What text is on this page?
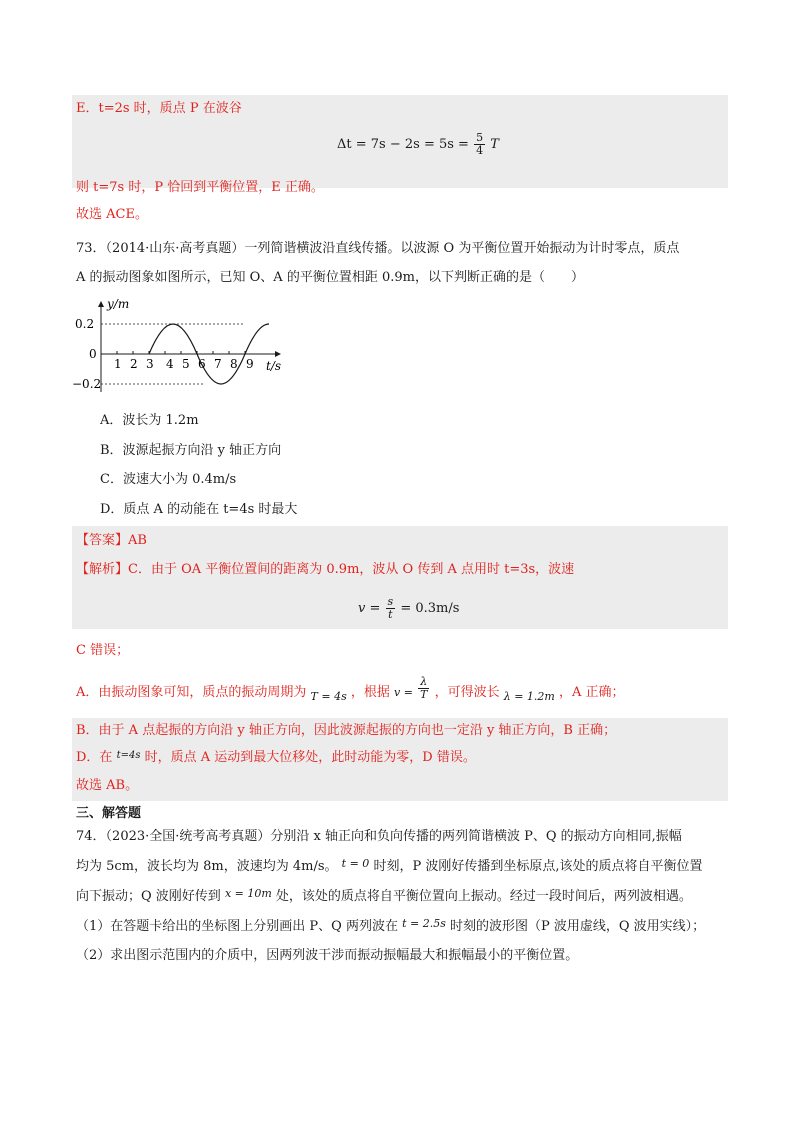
E．t=2s 时，质点 P 在波谷
$\Delta t = 7s - 2s = 5s = \frac{5}{4}$ T
则 t=7s 时，P 恰回到平衡位置，E 正确。
故选 ACE。
73．（2014·山东·高考真题）一列简谐横波沿直线传播。以波源 O 为平衡位置开始振动为计时零点，质点
A 的振动图象如图所示，已知 O、A 的平衡位置相距 0.9m，以下判断正确的是（　　）
y/m
0.2
0
−0.2
1 2 3 4 5 6 7 8 9 t/s
A．波长为 1.2m
B．波源起振方向沿 y 轴正方向
C．波速大小为 0.4m/s
D．质点 A 的动能在 t=4s 时最大
【答案】AB
【解析】C．由于 OA 平衡位置间的距离为 0.9m，波从 O 传到 A 点用时 t=3s，波速
$v = \frac{s}{t} = 0.3m/s$
C 错误；
A．由振动图象可知，质点的振动周期为 $_{T = 4s}$ ，根据 $v = \frac{\lambda}{T}$ ，可得波长 $_{\lambda = 1.2m}$ ，A 正确；
B．由于 A 点起振的方向沿 y 轴正方向，因此波源起振的方向也一定沿 y 轴正方向，B 正确；
D．在 $^{t=4s}$ 时，质点 A 运动到最大位移处，此时动能为零，D 错误。
故选 AB。
三、解答题
74．（2023·全国·统考高考真题）分别沿 x 轴正向和负向传播的两列简谐横波 P、Q 的振动方向相同,振幅
均为 5cm，波长均为 8m，波速均为 4m/s。 $^{t = 0}$ 时刻，P 波刚好传播到坐标原点,该处的质点将自平衡位置
向下振动；Q 波刚好传到 $^{x = 10m}$ 处，该处的质点将自平衡位置向上振动。经过一段时间后，两列波相遇。
（1）在答题卡给出的坐标图上分别画出 P、Q 两列波在 $^{t = 2.5s}$ 时刻的波形图（P 波用虚线，Q 波用实线）；
（2）求出图示范围内的介质中，因两列波干涉而振动振幅最大和振幅最小的平衡位置。
